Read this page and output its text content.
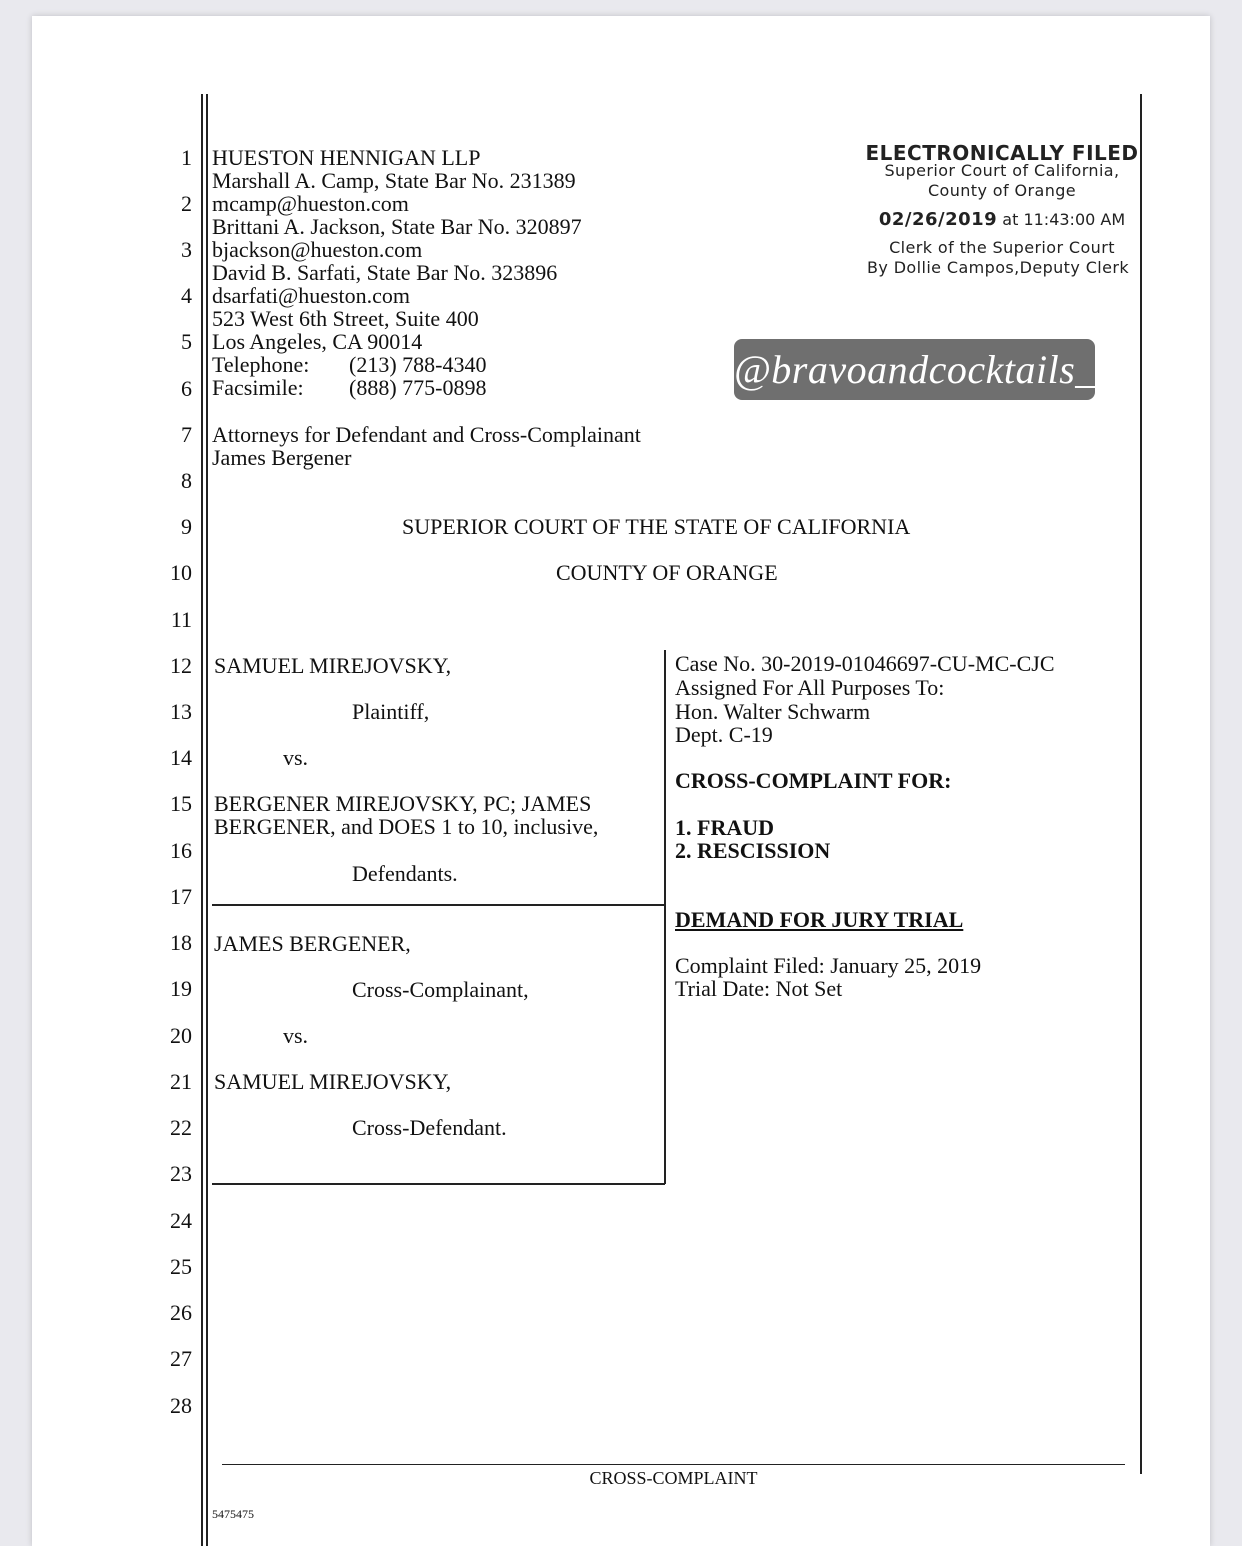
1
2
3
4
5
6
7
8
9
10
11
12
13
14
15
16
17
18
19
20
21
22
23
24
25
26
27
28
HUESTON HENNIGAN LLP
Marshall A. Camp, State Bar No. 231389
mcamp@hueston.com
Brittani A. Jackson, State Bar No. 320897
bjackson@hueston.com
David B. Sarfati, State Bar No. 323896
dsarfati@hueston.com
523 West 6th Street, Suite 400
Los Angeles, CA 90014
Telephone: (213) 788-4340
Facsimile: (888) 775-0898
Attorneys for Defendant and Cross-Complainant
James Bergener
ELECTRONICALLY FILED
Superior Court of California,
County of Orange
02/26/2019 at 11:43:00 AM
Clerk of the Superior Court
By Dollie Campos,Deputy Clerk
@bravoandcocktails_
SUPERIOR COURT OF THE STATE OF CALIFORNIA
COUNTY OF ORANGE
SAMUEL MIREJOVSKY,
Plaintiff,
vs.
BERGENER MIREJOVSKY, PC; JAMES
BERGENER, and DOES 1 to 10, inclusive,
Defendants.
JAMES BERGENER,
Cross-Complainant,
vs.
SAMUEL MIREJOVSKY,
Cross-Defendant.
Case No. 30-2019-01046697-CU-MC-CJC
Assigned For All Purposes To:
Hon. Walter Schwarm
Dept. C-19
CROSS-COMPLAINT FOR:
1. FRAUD
2. RESCISSION
DEMAND FOR JURY TRIAL
Complaint Filed: January 25, 2019
Trial Date: Not Set
CROSS-COMPLAINT
5475475
